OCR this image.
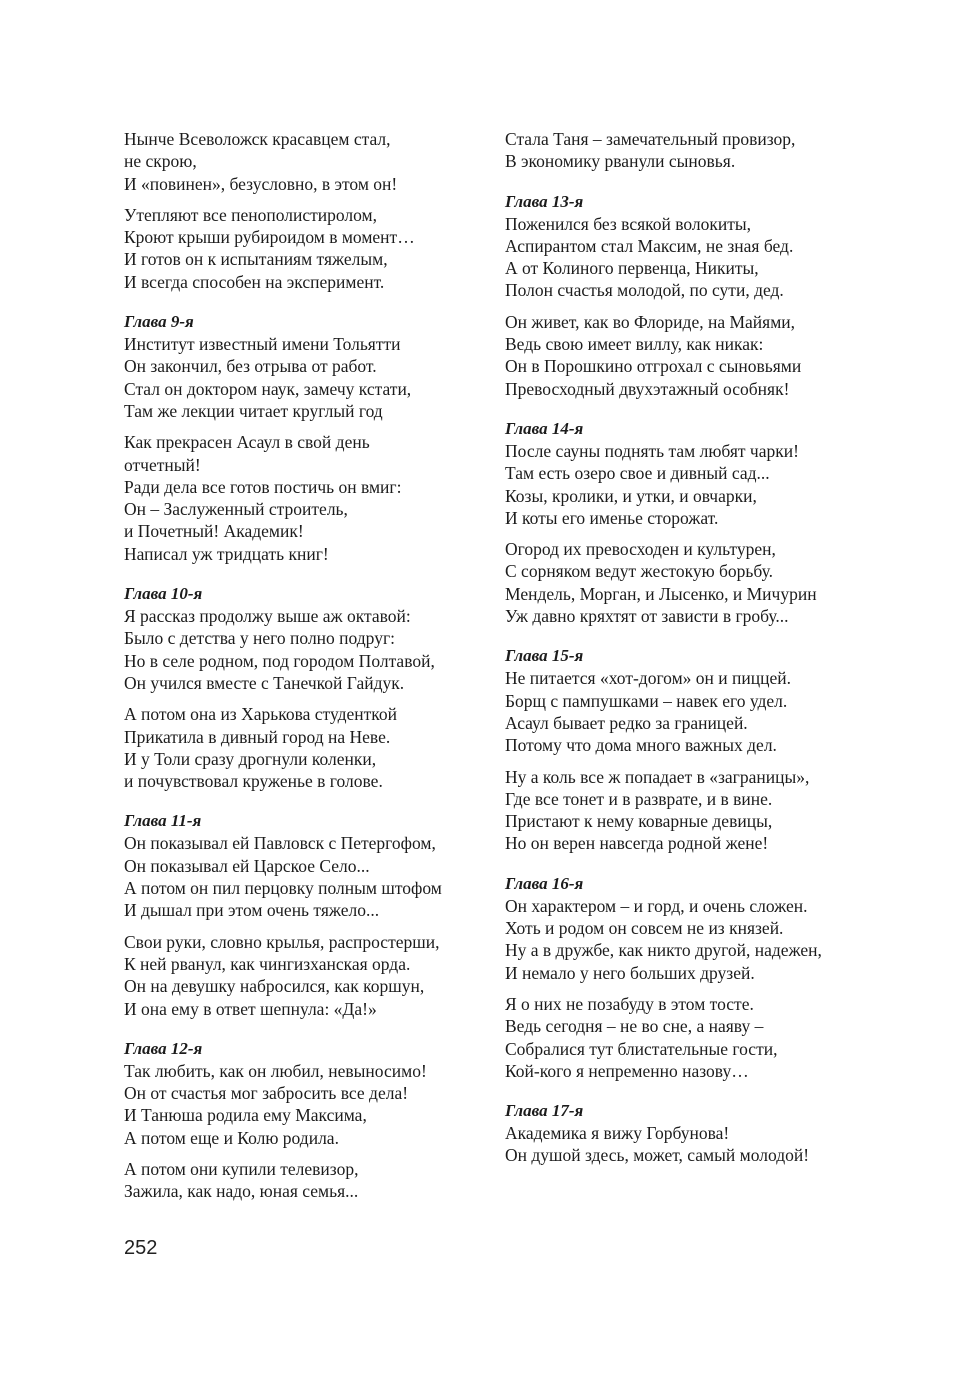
Нынче Всеволожск красавцем стал,
не скрою,
И «повинен», безусловно, в этом он!
Утепляют все пенополистиролом,
Кроют крыши рубироидом в момент…
И готов он к испытаниям тяжелым,
И всегда способен на эксперимент.
Глава 9-я
Институт известный имени Тольятти
Он закончил, без отрыва от работ.
Стал он доктором наук, замечу кстати,
Там же лекции читает круглый год
Как прекрасен Асаул в свой день
отчетный!
Ради дела все готов постичь он вмиг:
Он – Заслуженный строитель,
и Почетный! Академик!
Написал уж тридцать книг!
Глава 10-я
Я рассказ продолжу выше аж октавой:
Было с детства у него полно подруг:
Но в селе родном, под городом Полтавой,
Он учился вместе с Танечкой Гайдук.
А потом она из Харькова студенткой
Прикатила в дивный город на Неве.
И у Толи сразу дрогнули коленки,
и почувствовал круженье в голове.
Глава 11-я
Он показывал ей Павловск с Петергофом,
Он показывал ей Царское Село...
А потом он пил перцовку полным штофом
И дышал при этом очень тяжело...
Свои руки, словно крылья, распростерши,
К ней рванул, как чингизханская орда.
Он на девушку набросился, как коршун,
И она ему в ответ шепнула: «Да!»
Глава 12-я
Так любить, как он любил, невыносимо!
Он от счастья мог забросить все дела!
И Танюша родила ему Максима,
А потом еще и Колю родила.
А потом они купили телевизор,
Зажила, как надо, юная семья...
Стала Таня – замечательный провизор,
В экономику рванули сыновья.
Глава 13-я
Поженился без всякой волокиты,
Аспирантом стал Максим, не зная бед.
А от Колиного первенца, Никиты,
Полон счастья молодой, по сути, дед.
Он живет, как во Флориде, на Майями,
Ведь свою имеет виллу, как никак:
Он в Порошкино отгрохал с сыновьями
Превосходный двухэтажный особняк!
Глава 14-я
После сауны поднять там любят чарки!
Там есть озеро свое и дивный сад...
Козы, кролики, и утки, и овчарки,
И коты его именье сторожат.
Огород их превосходен и культурен,
С сорняком ведут жестокую борьбу.
Мендель, Морган, и Лысенко, и Мичурин
Уж давно кряхтят от зависти в гробу...
Глава 15-я
Не питается «хот-догом» он и пиццей.
Борщ с пампушками – навек его удел.
Асаул бывает редко за границей.
Потому что дома много важных дел.
Ну а коль все ж попадает в «заграницы»,
Где все тонет и в разврате, и в вине.
Пристают к нему коварные девицы,
Но он верен навсегда родной жене!
Глава 16-я
Он характером – и горд, и очень сложен.
Хоть и родом он совсем не из князей.
Ну а в дружбе, как никто другой, надежен,
И немало у него больших друзей.
Я о них не позабуду в этом тосте.
Ведь сегодня – не во сне, а наяву –
Собралися тут блистательные гости,
Кой-кого я непременно назову…
Глава 17-я
Академика я вижу Горбунова!
Он душой здесь, может, самый молодой!
252
